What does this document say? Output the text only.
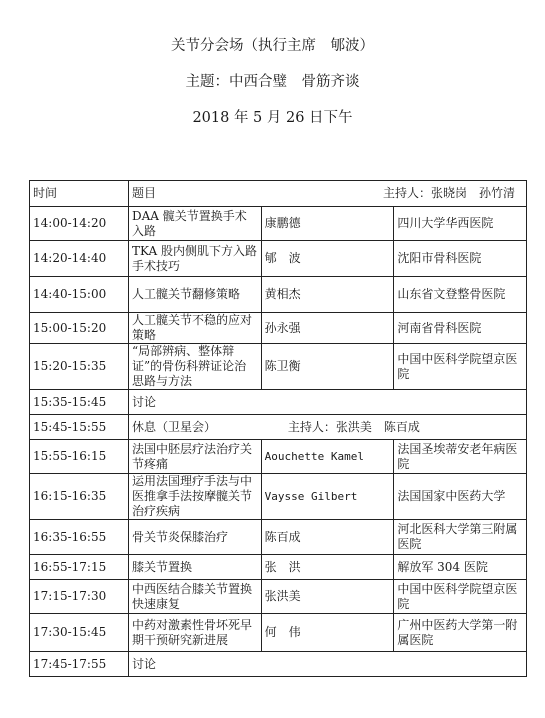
关节分会场（执行主席　郇波）
主题：中西合璧　骨筋齐谈
2018 年 5 月 26 日下午
时间	题目 主持人：张晓岗　孙竹清		

14:00-14:20	DAA 髋关节置换手术入路	康鹏德	四川大学华西医院
14:20-14:40	TKA 股内侧肌下方入路手术技巧	郇　波	沈阳市骨科医院
14:40-15:00	人工髋关节翻修策略	黄相杰	山东省文登整骨医院
15:00-15:20	人工髋关节不稳的应对策略	孙永强	河南省骨科医院
15:20-15:35	“局部辨病、整体辩证”的骨伤科辨证论治思路与方法	陈卫衡	中国中医科学院望京医院
15:35-15:45	讨论		
15:45-15:55	休息（卫星会） 主持人：张洪美　陈百成		
15:55-16:15	法国中胚层疗法治疗关节疼痛	Aouchette Kamel	法国圣埃蒂安老年病医院
16:15-16:35	运用法国理疗手法与中医推拿手法按摩髋关节治疗疾病	Vaysse Gilbert	法国国家中医药大学
16:35-16:55	骨关节炎保膝治疗	陈百成	河北医科大学第三附属医院
16:55-17:15	膝关节置换	张　洪	解放军 304 医院
17:15-17:30	中西医结合膝关节置换快速康复	张洪美	中国中医科学院望京医院
17:30-15:45	中药对激素性骨坏死早期干预研究新进展	何　伟	广州中医药大学第一附属医院
17:45-17:55	讨论		
